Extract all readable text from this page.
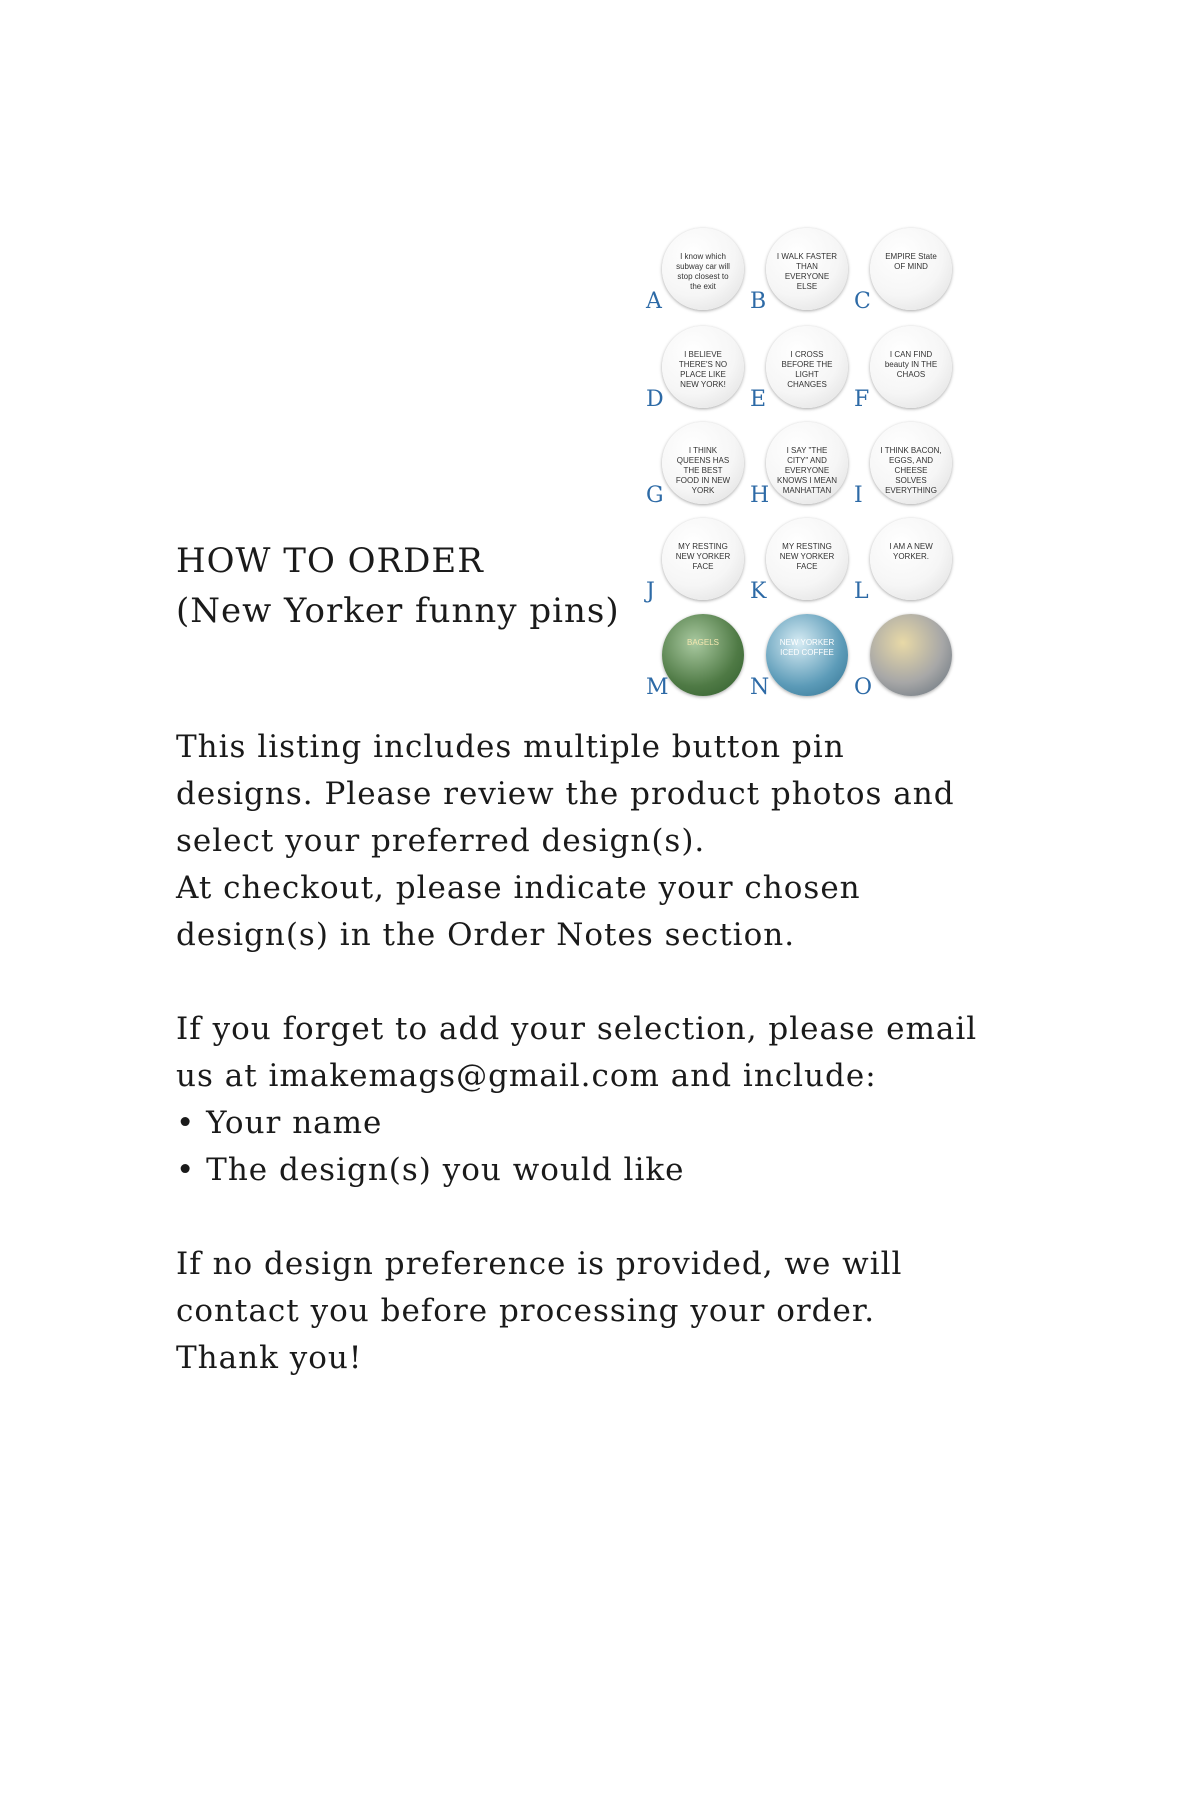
HOW TO ORDER
(New Yorker funny pins)
I know which subway car will stop closest to the exit
A
I WALK FASTER THAN EVERYONE ELSE
B
EMPIRE State OF MIND
C
I BELIEVE THERE'S NO PLACE LIKE NEW YORK!
D
I CROSS BEFORE THE LIGHT CHANGES
E
I CAN FIND beauty IN THE CHAOS
F
I THINK QUEENS HAS THE BEST FOOD IN NEW YORK
G
I SAY "THE CITY" AND EVERYONE KNOWS I MEAN MANHATTAN
H
I THINK BACON, EGGS, AND CHEESE SOLVES EVERYTHING
I
MY RESTING NEW YORKER FACE
J
MY RESTING NEW YORKER FACE
K
I AM A NEW YORKER.
L
BAGELS
M
NEW YORKER ICED COFFEE
N	O
This listing includes multiple button pin
designs. Please review the product photos and
select your preferred design(s).
At checkout, please indicate your chosen
design(s) in the Order Notes section.
If you forget to add your selection, please email
us at imakemags@gmail.com and include:
• Your name
• The design(s) you would like
If no design preference is provided, we will
contact you before processing your order.
Thank you!
